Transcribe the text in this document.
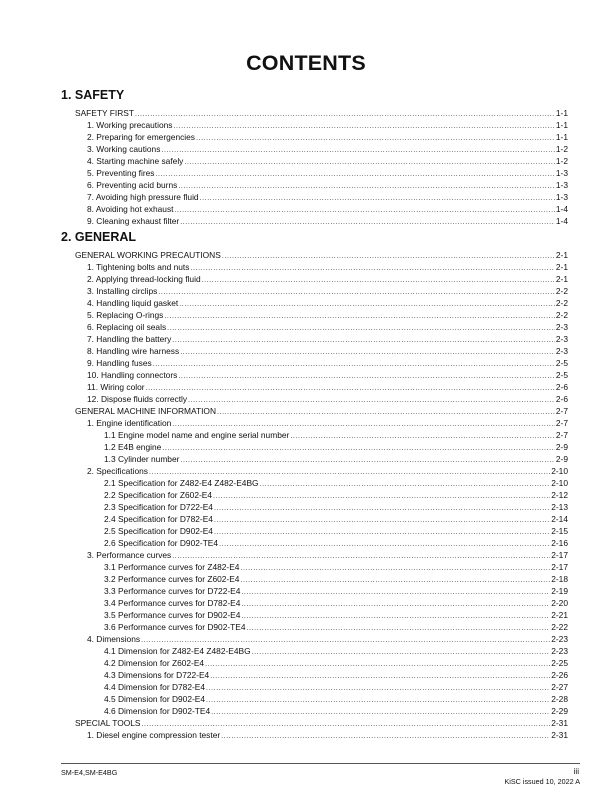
CONTENTS
1. SAFETY
SAFETY FIRST .....	1-1
1. Working precautions .....	1-1
2. Preparing for emergencies .....	1-1
3. Working cautions .....	1-2
4. Starting machine safely .....	1-2
5. Preventing fires .....	1-3
6. Preventing acid burns .....	1-3
7. Avoiding high pressure fluid .....	1-3
8. Avoiding hot exhaust .....	1-4
9. Cleaning exhaust filter .....	1-4
2. GENERAL
GENERAL WORKING PRECAUTIONS .....	2-1
1. Tightening bolts and nuts .....	2-1
2. Applying thread-locking fluid .....	2-1
3. Installing circlips .....	2-2
4. Handling liquid gasket .....	2-2
5. Replacing O-rings .....	2-2
6. Replacing oil seals .....	2-3
7. Handling the battery .....	2-3
8. Handling wire harness .....	2-3
9. Handling fuses .....	2-5
10. Handling connectors .....	2-5
11. Wiring color .....	2-6
12. Dispose fluids correctly .....	2-6
GENERAL MACHINE INFORMATION .....	2-7
1. Engine identification .....	2-7
1.1 Engine model name and engine serial number .....	2-7
1.2 E4B engine .....	2-9
1.3 Cylinder number .....	2-9
2. Specifications .....	2-10
2.1 Specification for Z482-E4 Z482-E4BG .....	2-10
2.2 Specification for Z602-E4 .....	2-12
2.3 Specification for D722-E4 .....	2-13
2.4 Specification for D782-E4 .....	2-14
2.5 Specification for D902-E4 .....	2-15
2.6 Specification for D902-TE4 .....	2-16
3. Performance curves .....	2-17
3.1 Performance curves for Z482-E4 .....	2-17
3.2 Performance curves for Z602-E4 .....	2-18
3.3 Performance curves for D722-E4 .....	2-19
3.4 Performance curves for D782-E4 .....	2-20
3.5 Performance curves for D902-E4 .....	2-21
3.6 Performance curves for D902-TE4 .....	2-22
4. Dimensions .....	2-23
4.1 Dimension for Z482-E4 Z482-E4BG .....	2-23
4.2 Dimension for Z602-E4 .....	2-25
4.3 Dimensions for D722-E4 .....	2-26
4.4 Dimension for D782-E4 .....	2-27
4.5 Dimension for D902-E4 .....	2-28
4.6 Dimension for D902-TE4 .....	2-29
SPECIAL TOOLS .....	2-31
1. Diesel engine compression tester .....	2-31
SM-E4,SM-E4BG	iii
KiSC issued 10, 2022 A
